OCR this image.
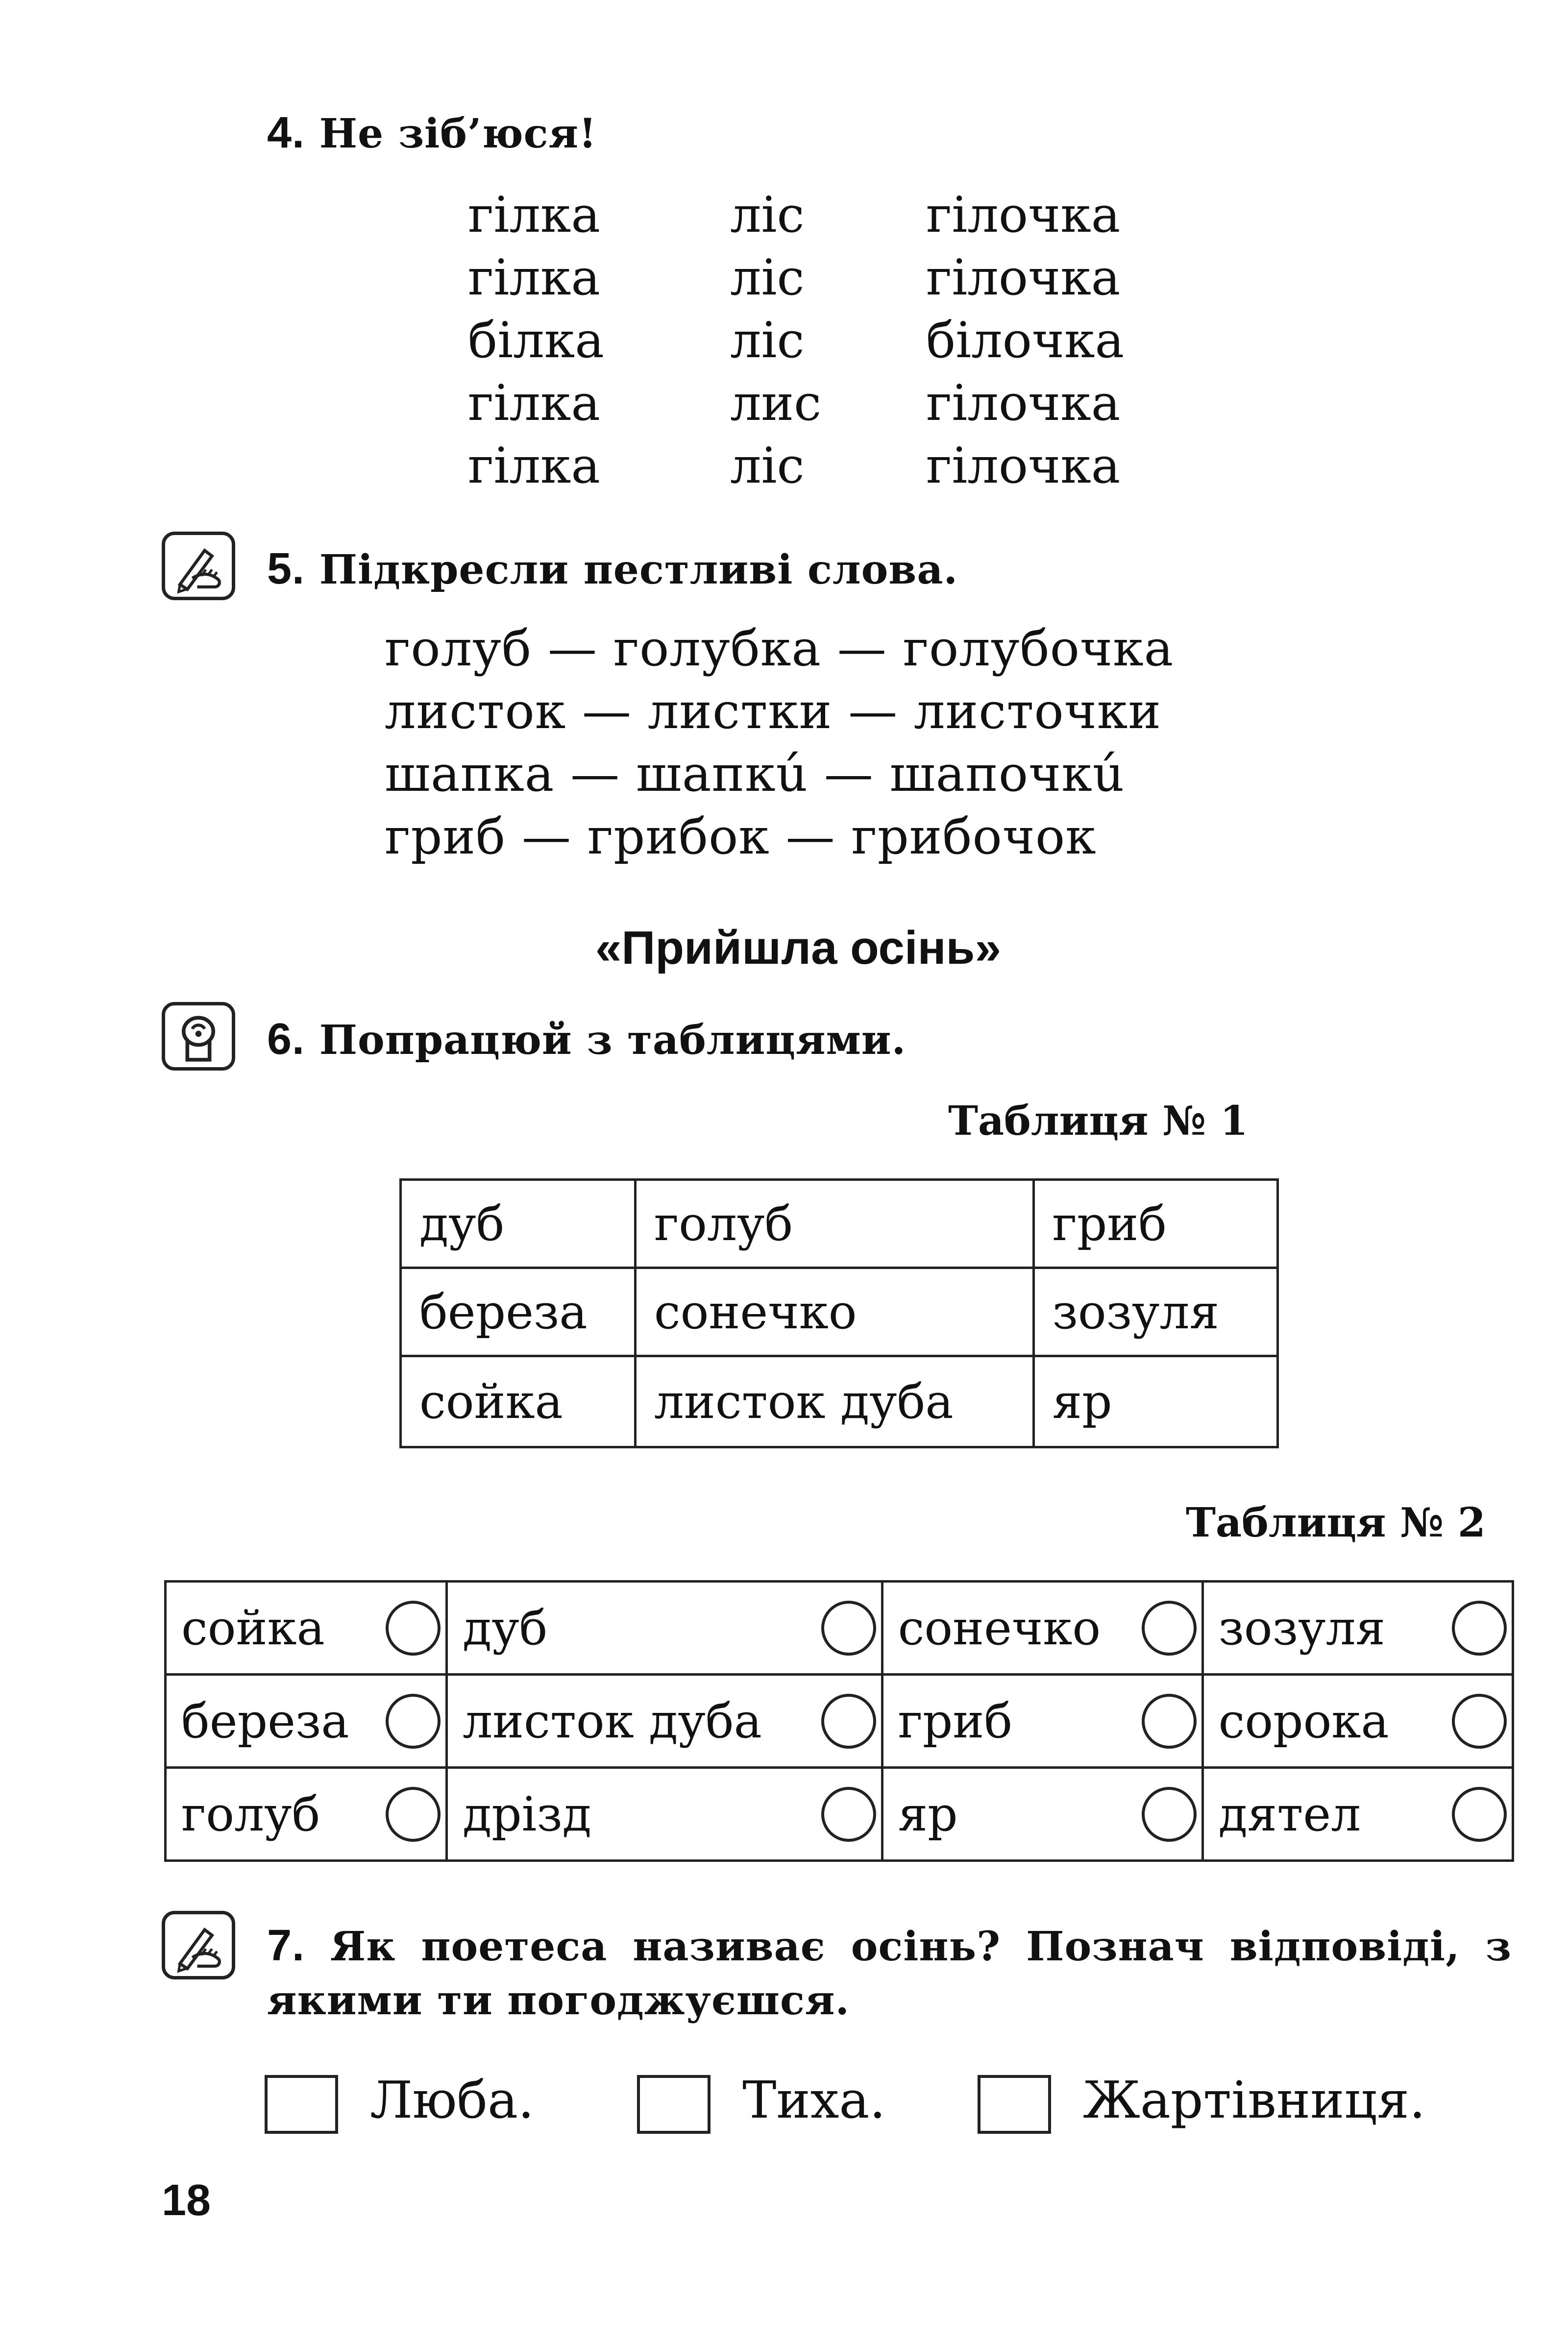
4. Не зіб’юся!
гілка	ліс гілочка
гілка	ліс гілочка
білка	ліс білочка
гілка	лис гілочка
гілка	ліс гілочка
5. Підкресли пестливі слова.
голуб — голубка — голубочка
листок — листки — листочки
шапка — шапкú — шапочкú
гриб — грибок — грибочок
«Прийшла осінь»
6. Попрацюй з таблицями.
Таблиця № 1
дуб	голуб	гриб
береза	сонечко	зозуля
сойка	листок дуба	яр
Таблиця № 2
сойка	дуб	сонечко	зозуля

береза	листок дуба	гриб	сорока

голуб	дрізд	яр	дятел
7. Як поетеса називає осінь? Познач відповіді, з
якими ти погоджуєшся.
Люба.	Тиха.	Жартівниця.
18
